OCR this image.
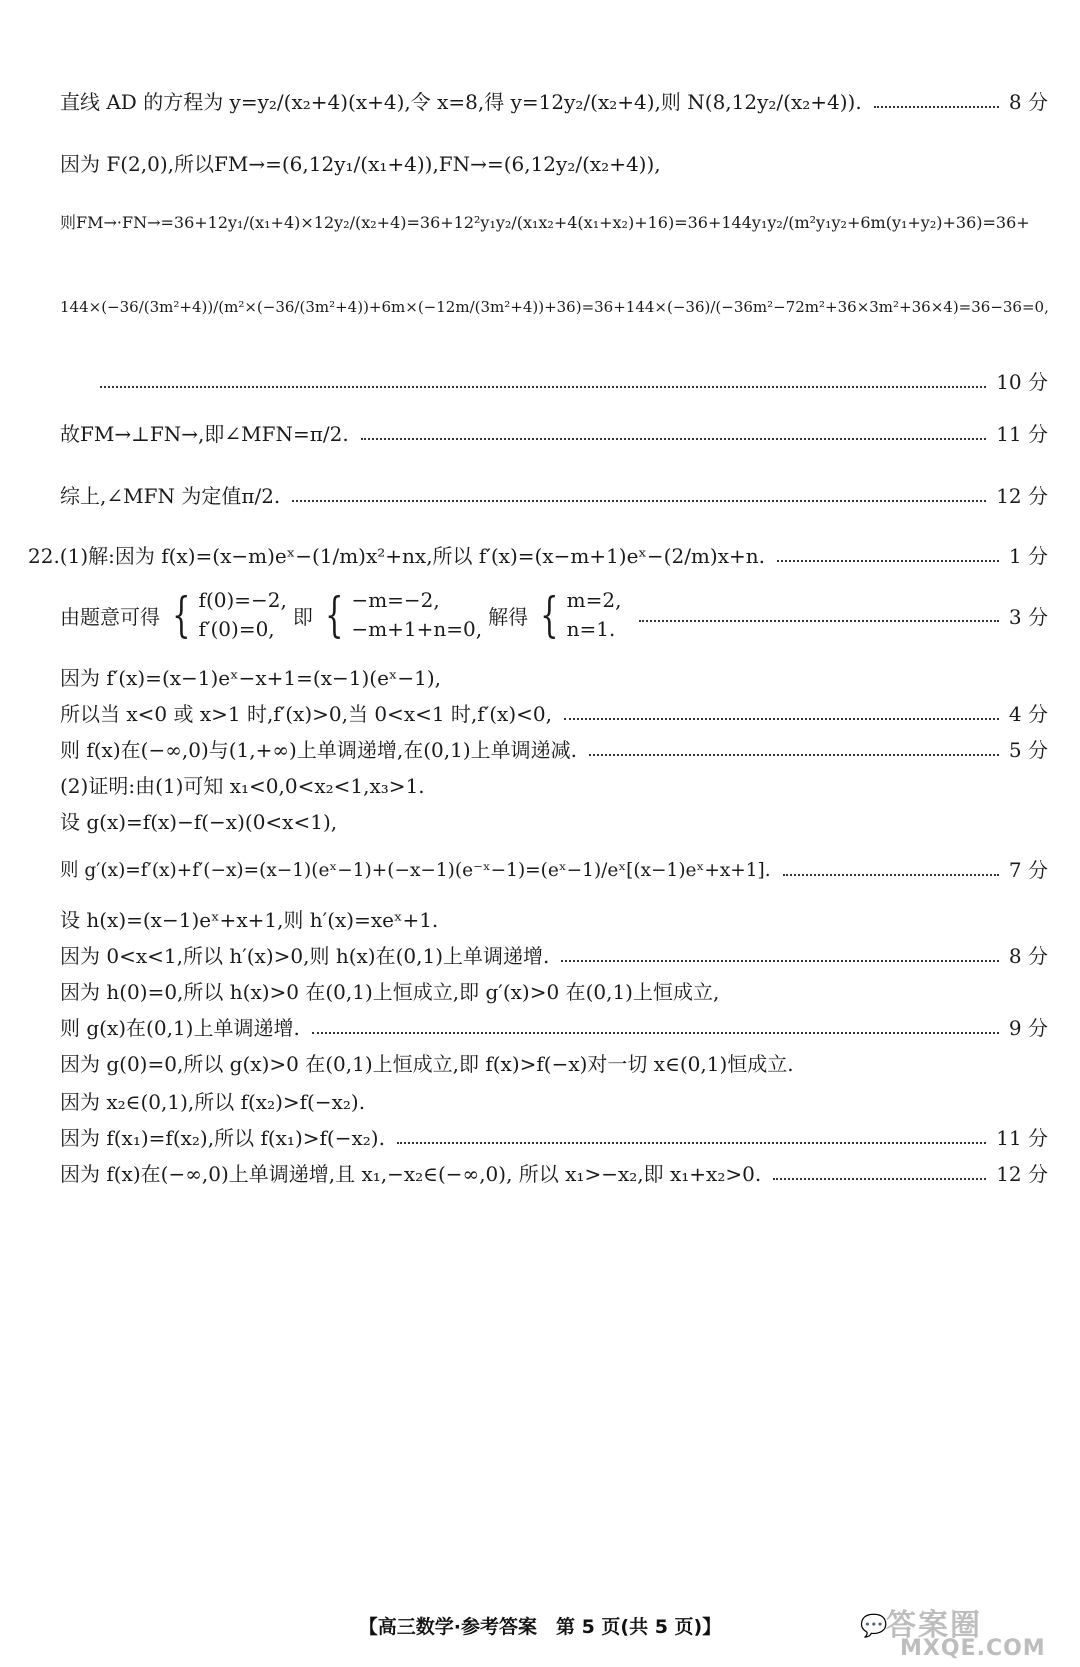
直线 AD 的方程为 y=y₂/(x₂+4)(x+4),令 x=8,得 y=12y₂/(x₂+4),则 N(8,12y₂/(x₂+4)).	8 分
因为 F(2,0),所以FM→=(6,12y₁/(x₁+4)),FN→=(6,12y₂/(x₂+4)),
则FM→·FN→=36+12y₁/(x₁+4)×12y₂/(x₂+4)=36+12²y₁y₂/(x₁x₂+4(x₁+x₂)+16)=36+144y₁y₂/(m²y₁y₂+6m(y₁+y₂)+36)=36+
144×(−36/(3m²+4))/(m²×(−36/(3m²+4))+6m×(−12m/(3m²+4))+36)=36+144×(−36)/(−36m²−72m²+36×3m²+36×4)=36−36=0,
10 分
故FM→⊥FN→,即∠MFN=π/2.	11 分
综上,∠MFN 为定值π/2.	12 分
22.(1)解:因为 f(x)=(x−m)eˣ−(1/m)x²+nx,所以 f′(x)=(x−m+1)eˣ−(2/m)x+n.	1 分
由题意可得 { f(0)=−2,
f′(0)=0,
即 { −m=−2,
−m+1+n=0,
解得 { m=2,
n=1.
3 分
因为 f′(x)=(x−1)eˣ−x+1=(x−1)(eˣ−1),
所以当 x<0 或 x>1 时,f′(x)>0,当 0<x<1 时,f′(x)<0,	4 分
则 f(x)在(−∞,0)与(1,+∞)上单调递增,在(0,1)上单调递减.	5 分
(2)证明:由(1)可知 x₁<0,0<x₂<1,x₃>1.
设 g(x)=f(x)−f(−x)(0<x<1),
则 g′(x)=f′(x)+f′(−x)=(x−1)(eˣ−1)+(−x−1)(e⁻ˣ−1)=(eˣ−1)/eˣ[(x−1)eˣ+x+1].	7 分
设 h(x)=(x−1)eˣ+x+1,则 h′(x)=xeˣ+1.
因为 0<x<1,所以 h′(x)>0,则 h(x)在(0,1)上单调递增.	8 分
因为 h(0)=0,所以 h(x)>0 在(0,1)上恒成立,即 g′(x)>0 在(0,1)上恒成立,
则 g(x)在(0,1)上单调递增.	9 分
因为 g(0)=0,所以 g(x)>0 在(0,1)上恒成立,即 f(x)>f(−x)对一切 x∈(0,1)恒成立.
因为 x₂∈(0,1),所以 f(x₂)>f(−x₂).
因为 f(x₁)=f(x₂),所以 f(x₁)>f(−x₂).	11 分
因为 f(x)在(−∞,0)上单调递增,且 x₁,−x₂∈(−∞,0), 所以 x₁>−x₂,即 x₁+x₂>0.	12 分
【高三数学·参考答案　第 5 页(共 5 页)】	💬
答案圈
MXQE.COM
